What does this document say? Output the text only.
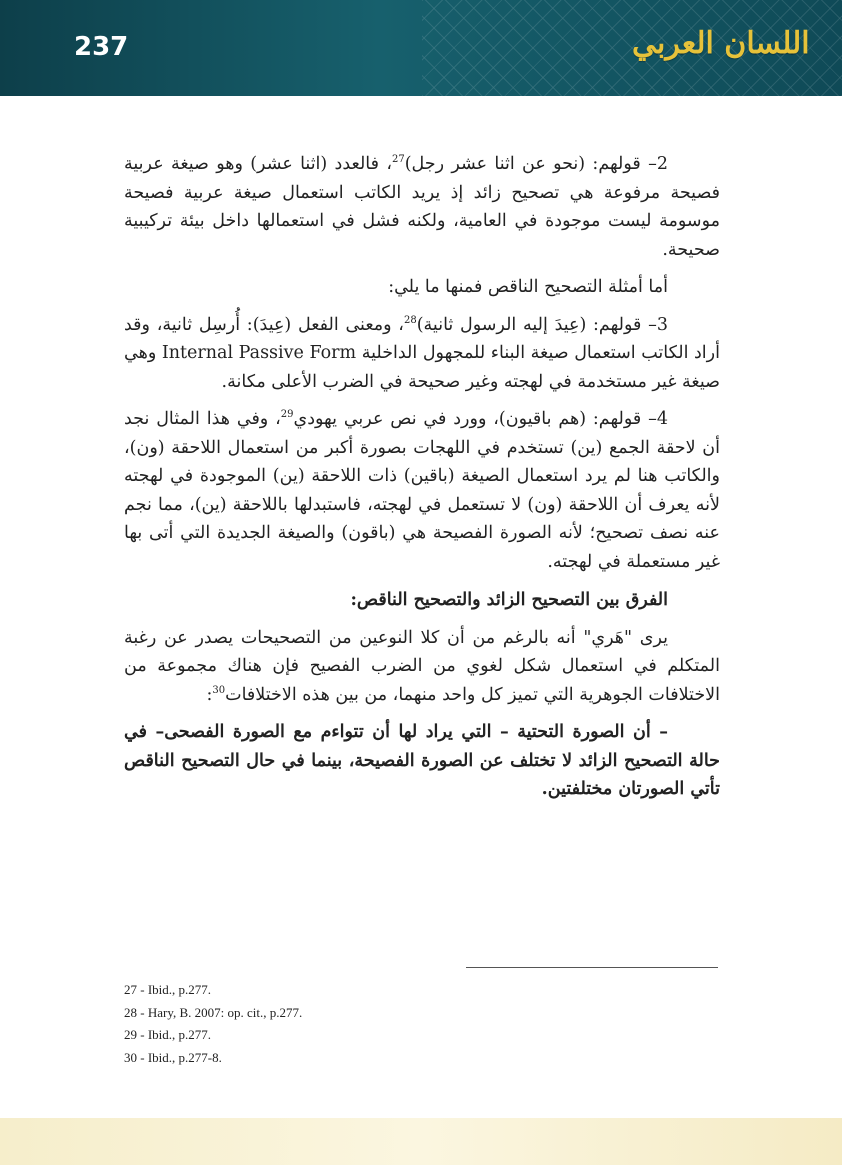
237	اللسان العربي

2– قولهم: (نحو عن اثنا عشر رجل)$^{27}$، فالعدد (اثنا عشر) وهو صيغة عربية فصيحة مرفوعة هي تصحيح زائد إذ يريد الكاتب استعمال صيغة عربية فصيحة موسومة ليست موجودة في العامية، ولكنه فشل في استعمالها داخل بيئة تركيبية صحيحة.

أما أمثلة التصحيح الناقص فمنها ما يلي:

3– قولهم: (عِيدَ إليه الرسول ثانية)$^{28}$، ومعنى الفعل (عِيدَ): أُرسِل ثانية، وقد أراد الكاتب استعمال صيغة البناء للمجهول الداخلية Internal Passive Form وهي صيغة غير مستخدمة في لهجته وغير صحيحة في الضرب الأعلى مكانة.

4– قولهم: (هم باقيون)، وورد في نص عربي يهودي$^{29}$، وفي هذا المثال نجد أن لاحقة الجمع (ين) تستخدم في اللهجات بصورة أكبر من استعمال اللاحقة (ون)، والكاتب هنا لم يرد استعمال الصيغة (باقين) ذات اللاحقة (ين) الموجودة في لهجته لأنه يعرف أن اللاحقة (ون) لا تستعمل في لهجته، فاستبدلها باللاحقة (ين)، مما نجم عنه نصف تصحيح؛ لأنه الصورة الفصيحة هي (باقون) والصيغة الجديدة التي أتى بها غير مستعملة في لهجته.

الفرق بين التصحيح الزائد والتصحيح الناقص:

يرى "هَري" أنه بالرغم من أن كلا النوعين من التصحيحات يصدر عن رغبة المتكلم في استعمال شكل لغوي من الضرب الفصيح فإن هناك مجموعة من الاختلافات الجوهرية التي تميز كل واحد منهما، من بين هذه الاختلافات$^{30}$:

– أن الصورة التحتية – التي يراد لها أن تتواءم مع الصورة الفصحى– في حالة التصحيح الزائد لا تختلف عن الصورة الفصيحة، بينما في حال التصحيح الناقص تأتي الصورتان مختلفتين.

27 - Ibid., p.277.
28 - Hary, B. 2007: op. cit., p.277.
29 - Ibid., p.277.
30 - Ibid., p.277-8.
